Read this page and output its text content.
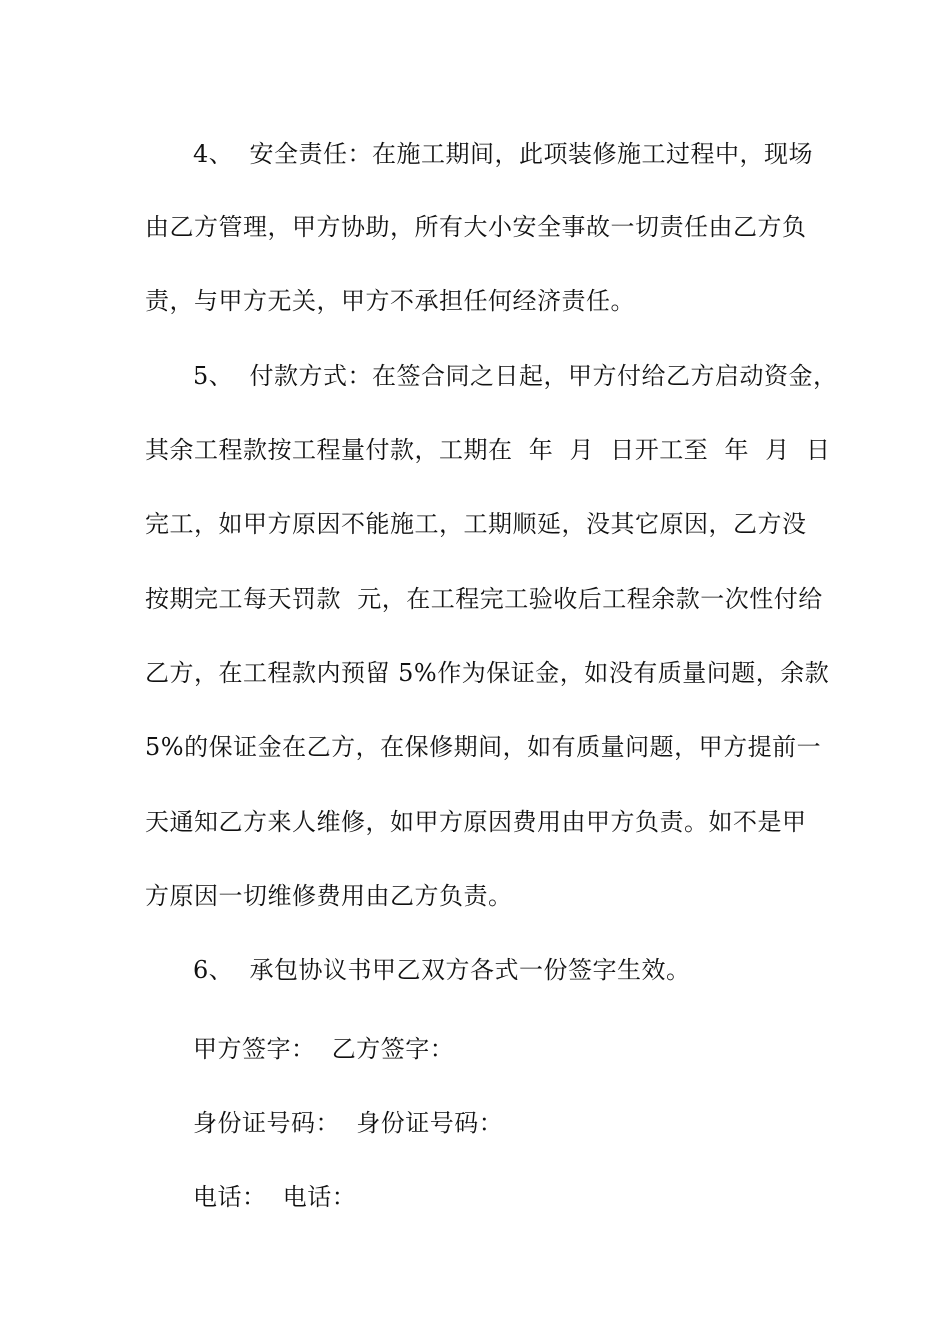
4、  安全责任：在施工期间，此项装修施工过程中，现场
由乙方管理，甲方协助，所有大小安全事故一切责任由乙方负
责，与甲方无关，甲方不承担任何经济责任。
5、  付款方式：在签合同之日起，甲方付给乙方启动资金，
其余工程款按工程量付款，工期在  年  月  日开工至  年  月  日
完工，如甲方原因不能施工，工期顺延，没其它原因，乙方没
按期完工每天罚款  元，在工程完工验收后工程余款一次性付给
乙方，在工程款内预留 5%作为保证金，如没有质量问题，余款
5%的保证金在乙方，在保修期间，如有质量问题，甲方提前一
天通知乙方来人维修，如甲方原因费用由甲方负责。如不是甲
方原因一切维修费用由乙方负责。
6、  承包协议书甲乙双方各式一份签字生效。
甲方签字：  乙方签字：
身份证号码：  身份证号码：
电话：  电话：
